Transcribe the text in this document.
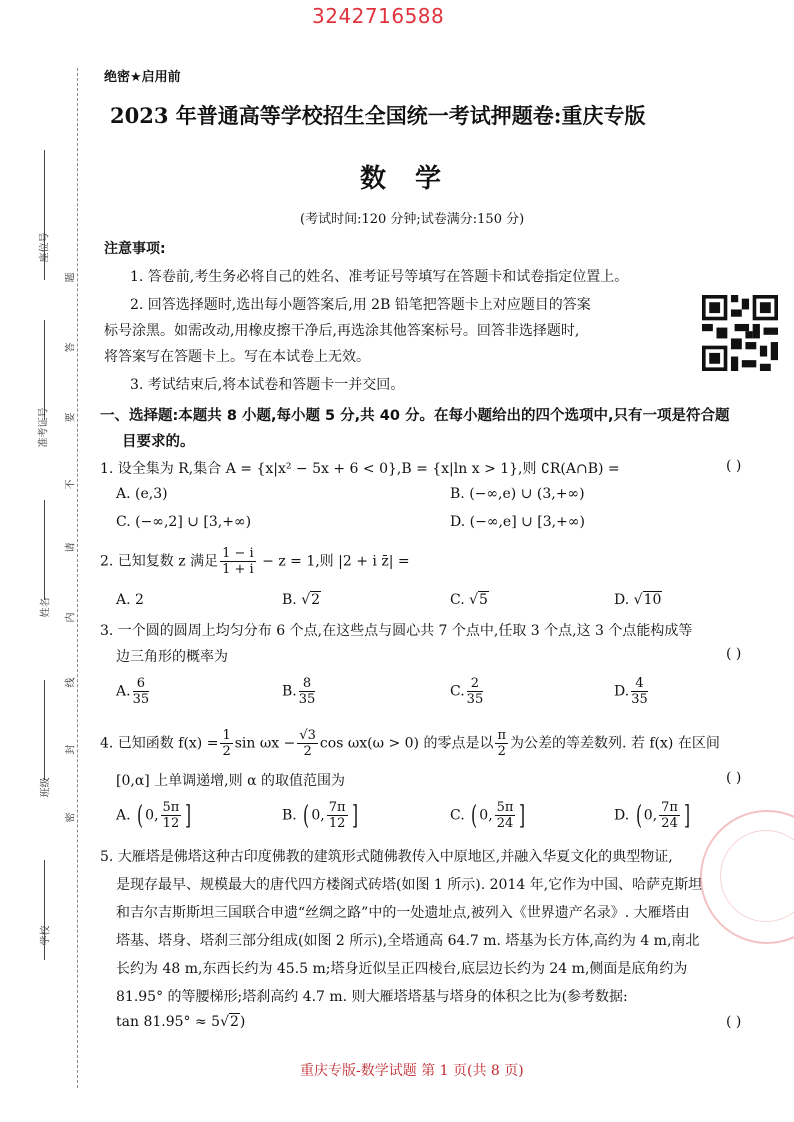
3242716588
座位号
准考证号
姓名
班级
学校
题
答
要
不
请
内
线
封
密
绝密★启用前
2023 年普通高等学校招生全国统一考试押题卷:重庆专版
数 学
(考试时间:120 分钟;试卷满分:150 分)
注意事项:
1. 答卷前,考生务必将自己的姓名、准考证号等填写在答题卡和试卷指定位置上。
2. 回答选择题时,选出每小题答案后,用 2B 铅笔把答题卡上对应题目的答案
标号涂黑。如需改动,用橡皮擦干净后,再选涂其他答案标号。回答非选择题时,
将答案写在答题卡上。写在本试卷上无效。
3. 考试结束后,将本试卷和答题卡一并交回。
一、选择题:本题共 8 小题,每小题 5 分,共 40 分。在每小题给出的四个选项中,只有一项是符合题
目要求的。
1. 设全集为 R,集合 A = {x|x² − 5x + 6 < 0},B = {x|ln x > 1},则 ∁R(A∩B) =	( )
A. (e,3)	B. (−∞,e) ∪ (3,+∞)
C. (−∞,2] ∪ [3,+∞)	D. (−∞,e] ∪ [3,+∞)
2. 已知复数 z 满足 $\frac{1 - i}{1 + i} - z = 1$,则 |2 + i z̄| =
A. 2	B. √2	C. √5	D. √10
3. 一个圆的圆周上均匀分布 6 个点,在这些点与圆心共 7 个点中,任取 3 个点,这 3 个点能构成等
边三角形的概率为	( )
A. $\frac{6}{35}$	B. $\frac{8}{35}$	C. $\frac{2}{35}$	D. $\frac{4}{35}$
4. 已知函数 $f(x) = \frac{1}{2}$ $\sin \omega x - \frac{√3}{2}$ cos ωx(ω > 0) 的零点是以 $\frac{\pi}{2}$ 为公差的等差数列. 若 f(x) 在区间
[0,α] 上单调递增,则 α 的取值范围为	( )
A. ( 0, $\frac{5\pi}{12}$ ]	B. ( 0, $\frac{7\pi}{12}$ ]	C. ( 0, $\frac{5\pi}{24}$ ]	D. ( 0, $\frac{7\pi}{24}$ ]
5. 大雁塔是佛塔这种古印度佛教的建筑形式随佛教传入中原地区,并融入华夏文化的典型物证,
是现存最早、规模最大的唐代四方楼阁式砖塔(如图 1 所示). 2014 年,它作为中国、哈萨克斯坦
和吉尔吉斯斯坦三国联合申遗“丝绸之路”中的一处遗址点,被列入《世界遗产名录》. 大雁塔由
塔基、塔身、塔刹三部分组成(如图 2 所示),全塔通高 64.7 m. 塔基为长方体,高约为 4 m,南北
长约为 48 m,东西长约为 45.5 m;塔身近似呈正四棱台,底层边长约为 24 m,侧面是底角约为
81.95° 的等腰梯形;塔刹高约 4.7 m. 则大雁塔塔基与塔身的体积之比为(参考数据:
tan 81.95° ≈ 5√2)	( )
重庆专版-数学试题 第 1 页(共 8 页)
